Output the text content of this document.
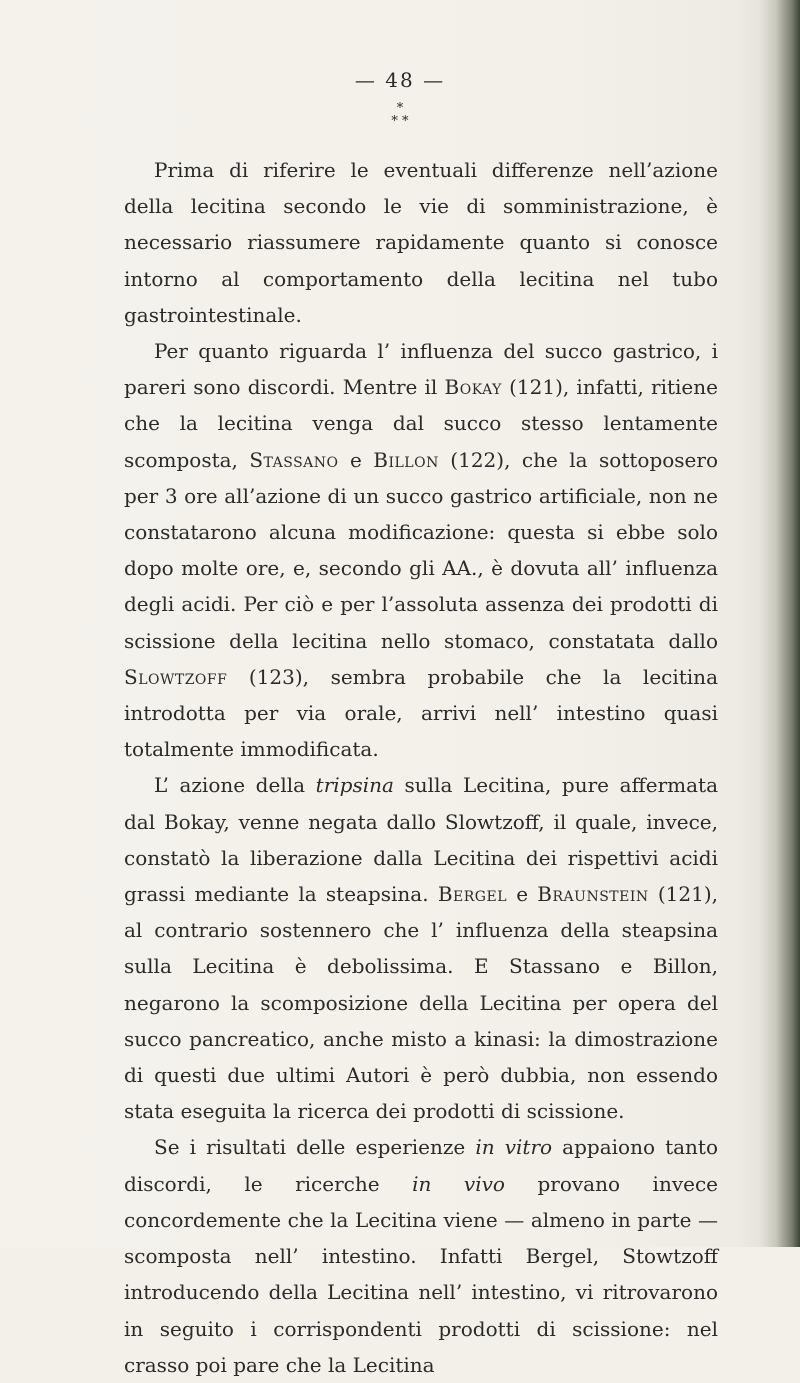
— 48 —
*
* *

Prima di riferire le eventuali differenze nell’azione della lecitina secondo le vie di somministrazione, è necessario riassumere rapidamente quanto si conosce intorno al comportamento della lecitina nel tubo gastrointestinale.

Per quanto riguarda l’ influenza del succo gastrico, i pareri sono discordi. Mentre il Bokay (121), infatti, ritiene che la lecitina venga dal succo stesso lentamente scomposta, Stassano e Billon (122), che la sottoposero per 3 ore all’azione di un succo gastrico artificiale, non ne constatarono alcuna modificazione: questa si ebbe solo dopo molte ore, e, secondo gli AA., è dovuta all’ influenza degli acidi. Per ciò e per l’assoluta assenza dei prodotti di scissione della lecitina nello stomaco, constatata dallo Slowtzoff (123), sembra probabile che la lecitina introdotta per via orale, arrivi nell’ intestino quasi totalmente immodificata.

L’ azione della tripsina sulla Lecitina, pure affermata dal Bokay, venne negata dallo Slowtzoff, il quale, invece, constatò la liberazione dalla Lecitina dei rispettivi acidi grassi mediante la steapsina. Bergel e Braunstein (121), al contrario sostennero che l’ influenza della steapsina sulla Lecitina è debolissima. E Stassano e Billon, negarono la scomposizione della Lecitina per opera del succo pancreatico, anche misto a kinasi: la dimostrazione di questi due ultimi Autori è però dubbia, non essendo stata eseguita la ricerca dei prodotti di scissione.

Se i risultati delle esperienze in vitro appaiono tanto discordi, le ricerche in vivo provano invece concordemente che la Lecitina viene — almeno in parte — scomposta nell’ intestino. Infatti Bergel, Stowtzoff introducendo della Lecitina nell’ intestino, vi ritrovarono in seguito i corrispondenti prodotti di scissione: nel crasso poi pare che la Lecitina
